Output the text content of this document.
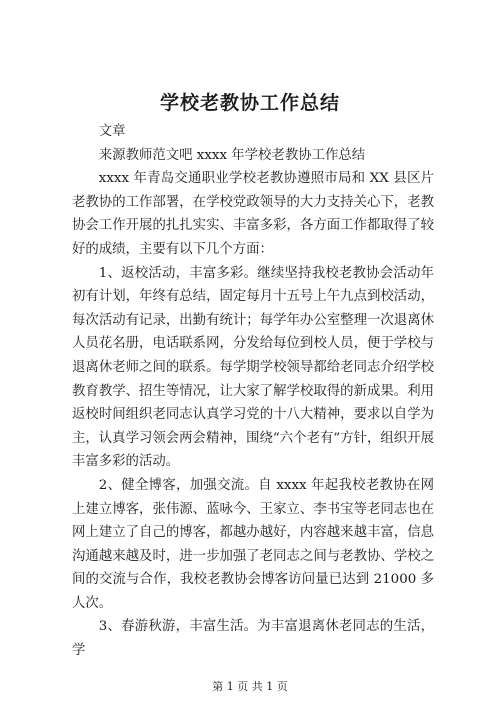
学校老教协工作总结

文章

来源教师范文吧 xxxx 年学校老教协工作总结

xxxx 年青岛交通职业学校老教协遵照市局和 XX 县区片老教协的工作部署，在学校党政领导的大力支持关心下，老教协会工作开展的扎扎实实、丰富多彩，各方面工作都取得了较好的成绩，主要有以下几个方面：

1、返校活动，丰富多彩。继续坚持我校老教协会活动年初有计划，年终有总结，固定每月十五号上午九点到校活动，每次活动有记录，出勤有统计；每学年办公室整理一次退离休人员花名册，电话联系网，分发给每位到校人员，便于学校与退离休老师之间的联系。每学期学校领导都给老同志介绍学校教育教学、招生等情况，让大家了解学校取得的新成果。利用返校时间组织老同志认真学习党的十八大精神，要求以自学为主，认真学习领会两会精神，围绕“六个老有”方针，组织开展丰富多彩的活动。

2、健全博客，加强交流。自 xxxx 年起我校老教协在网上建立博客，张伟源、蓝咏今、王家立、李书宝等老同志也在网上建立了自己的博客，都越办越好，内容越来越丰富，信息沟通越来越及时，进一步加强了老同志之间与老教协、学校之间的交流与合作，我校老教协会博客访问量已达到 21000 多人次。

3、春游秋游，丰富生活。为丰富退离休老同志的生活，学

第 1 页 共 1 页
